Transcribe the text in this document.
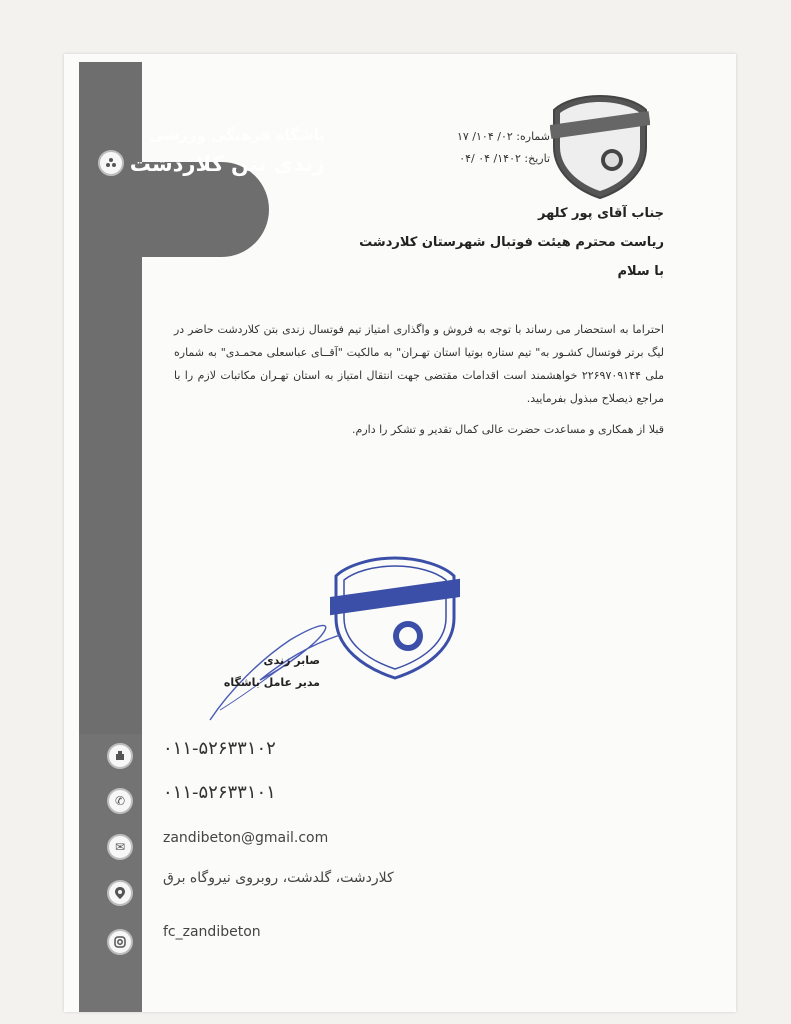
باشگاه فرهنگی ورزشی
زندی بتن کلاردشت
شماره: ۰۲/ ۱۰۴/ ۱۷
تاریخ: ۱۴۰۲/ ۰۴ /۰۴
جناب آقای پور کلهر
ریاست محترم هیئت فوتبال شهرستان کلاردشت
با سلام

احتراما به استحضار می رساند با توجه به فروش و واگذاری امتیاز تیم فوتسال زندی بتن کلاردشت حاضر در لیگ برتر فوتسال کشـور به" تیم ستاره بوتیا استان تهـران" به مالکیت "آقــای عباسعلی محمـدی" به شماره ملی ۲۲۶۹۷۰۹۱۴۴ خواهشمند است اقدامات مقتضی جهت انتقال امتیاز به استان تهـران مکاتبات لازم را با مراجع ذیصلاح مبذول بفرمایید.

قبلا از همکاری و مساعدت حضرت عالی کمال تقدیر و تشکر را دارم.

صابر زندی
مدیر عامل باشگاه
۰۱۱-۵۲۶۳۳۱۰۲
✆	۰۱۱-۵۲۶۳۳۱۰۱
✉
zandibeton@gmail.com
کلاردشت، گلدشت، روبروی نیروگاه برق
fc_zandibeton
